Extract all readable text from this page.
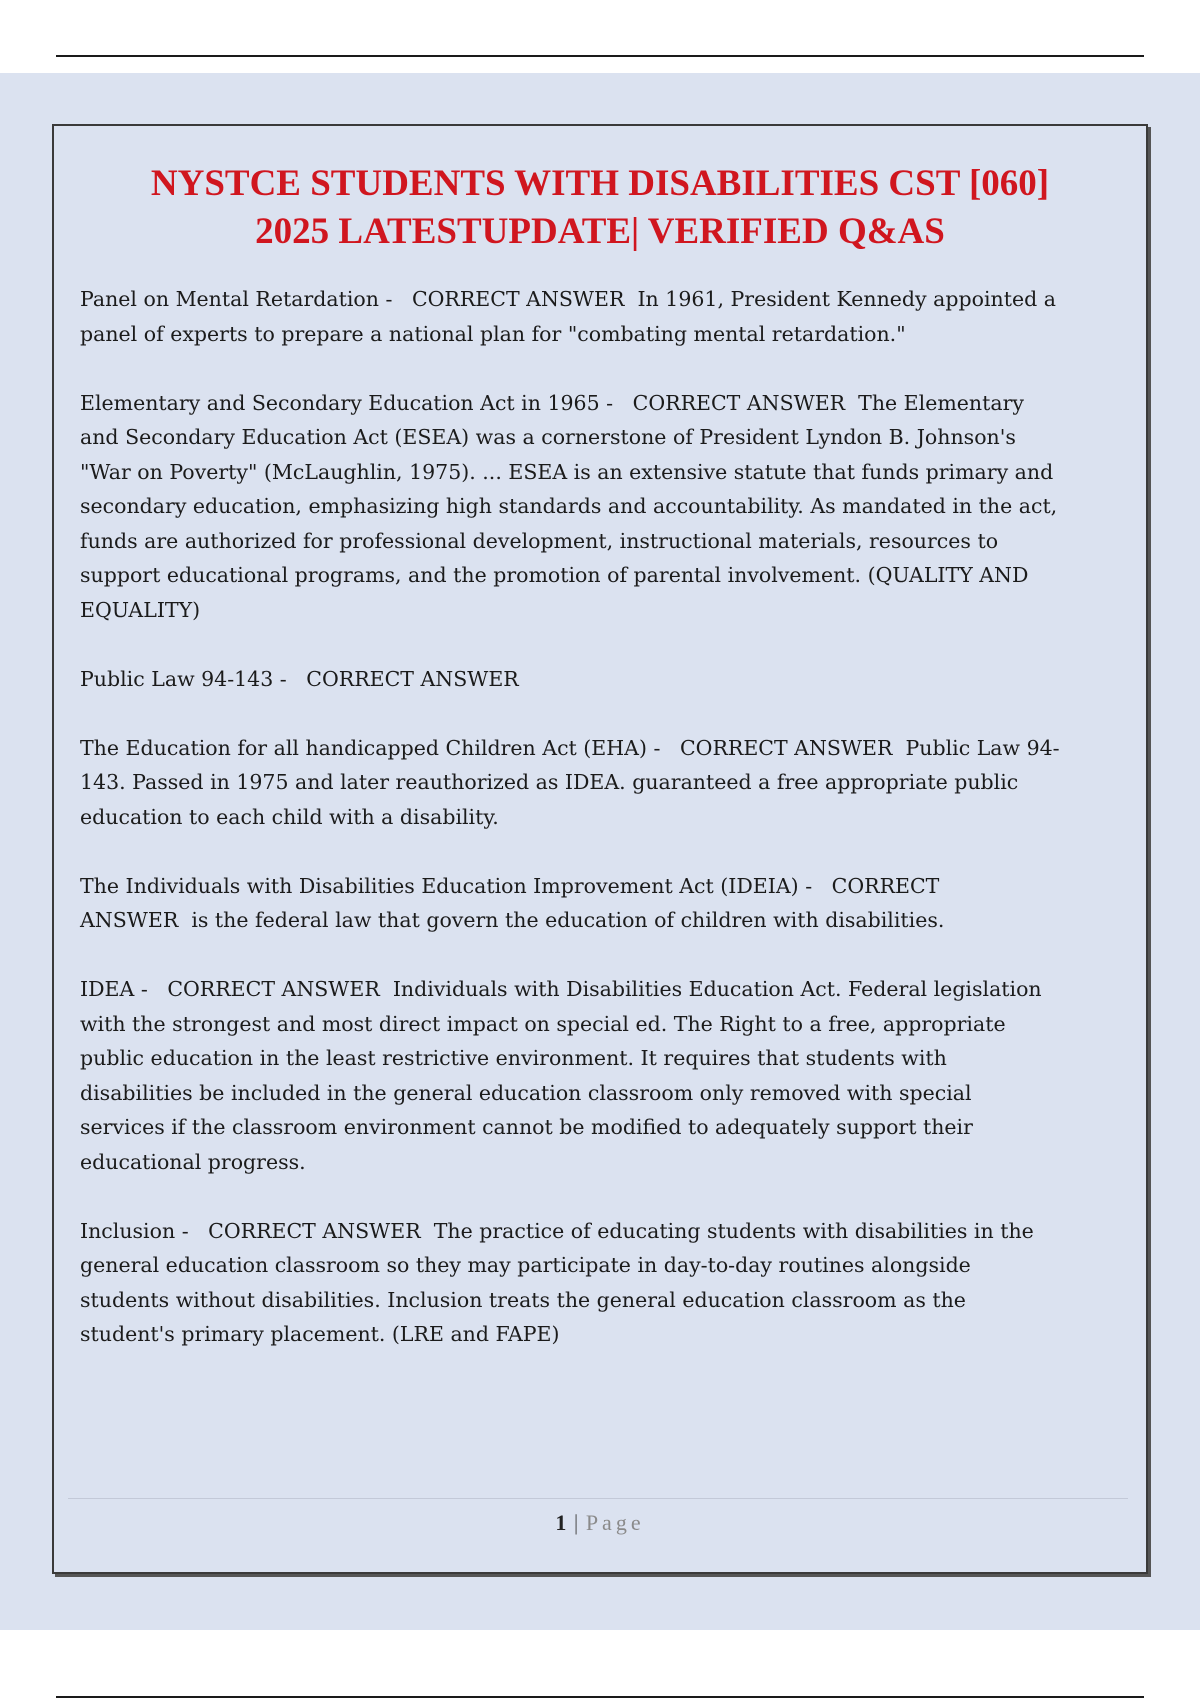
NYSTCE STUDENTS WITH DISABILITIES CST [060]
2025 LATESTUPDATE| VERIFIED Q&AS
Panel on Mental Retardation -   CORRECT ANSWER In 1961, President Kennedy appointed a panel of experts to prepare a national plan for "combating mental retardation."
Elementary and Secondary Education Act in 1965 -   CORRECT ANSWER The Elementary and Secondary Education Act (ESEA) was a cornerstone of President Lyndon B. Johnson's "War on Poverty" (McLaughlin, 1975). ... ESEA is an extensive statute that funds primary and secondary education, emphasizing high standards and accountability. As mandated in the act, funds are authorized for professional development, instructional materials, resources to support educational programs, and the promotion of parental involvement. (QUALITY AND EQUALITY)
Public Law 94-143 -   CORRECT ANSWER
The Education for all handicapped Children Act (EHA) -   CORRECT ANSWER Public Law 94-143. Passed in 1975 and later reauthorized as IDEA. guaranteed a free appropriate public education to each child with a disability.
The Individuals with Disabilities Education Improvement Act (IDEIA) -   CORRECT ANSWER is the federal law that govern the education of children with disabilities.
IDEA -   CORRECT ANSWER Individuals with Disabilities Education Act. Federal legislation with the strongest and most direct impact on special ed. The Right to a free, appropriate public education in the least restrictive environment. It requires that students with disabilities be included in the general education classroom only removed with special services if the classroom environment cannot be modified to adequately support their educational progress.
Inclusion -   CORRECT ANSWER The practice of educating students with disabilities in the general education classroom so they may participate in day-to-day routines alongside students without disabilities. Inclusion treats the general education classroom as the student's primary placement. (LRE and FAPE)
1 | Page
